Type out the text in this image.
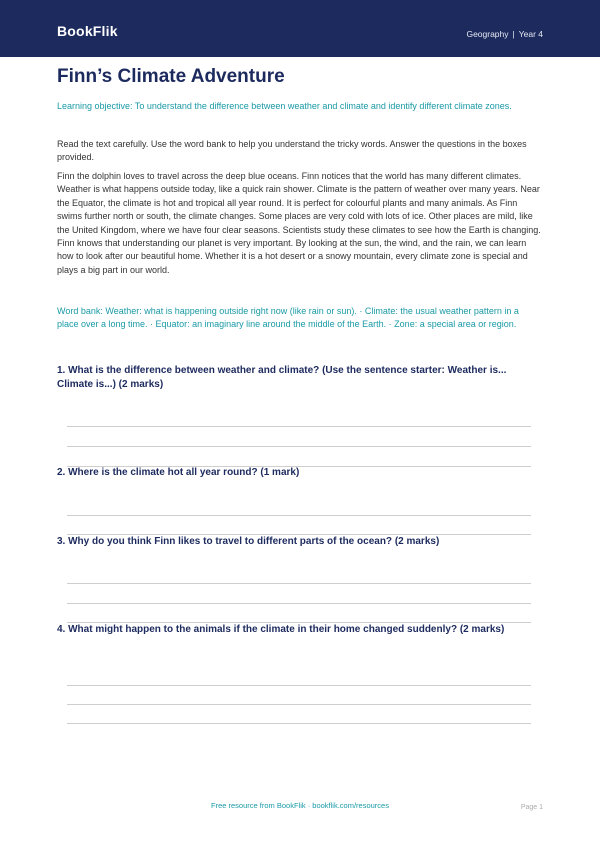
BookFlik	Geography | Year 4
Finn’s Climate Adventure
Learning objective: To understand the difference between weather and climate and identify different climate zones.
Read the text carefully. Use the word bank to help you understand the tricky words. Answer the questions in the boxes provided.
Finn the dolphin loves to travel across the deep blue oceans. Finn notices that the world has many different climates. Weather is what happens outside today, like a quick rain shower. Climate is the pattern of weather over many years. Near the Equator, the climate is hot and tropical all year round. It is perfect for colourful plants and many animals. As Finn swims further north or south, the climate changes. Some places are very cold with lots of ice. Other places are mild, like the United Kingdom, where we have four clear seasons. Scientists study these climates to see how the Earth is changing. Finn knows that understanding our planet is very important. By looking at the sun, the wind, and the rain, we can learn how to look after our beautiful home. Whether it is a hot desert or a snowy mountain, every climate zone is special and plays a big part in our world.
Word bank: Weather: what is happening outside right now (like rain or sun). · Climate: the usual weather pattern in a place over a long time. · Equator: an imaginary line around the middle of the Earth. · Zone: a special area or region.
1. What is the difference between weather and climate? (Use the sentence starter: Weather is... Climate is...) (2 marks)
2. Where is the climate hot all year round? (1 mark)
3. Why do you think Finn likes to travel to different parts of the ocean? (2 marks)
4. What might happen to the animals if the climate in their home changed suddenly? (2 marks)
Free resource from BookFlik · bookflik.com/resources	Page 1
